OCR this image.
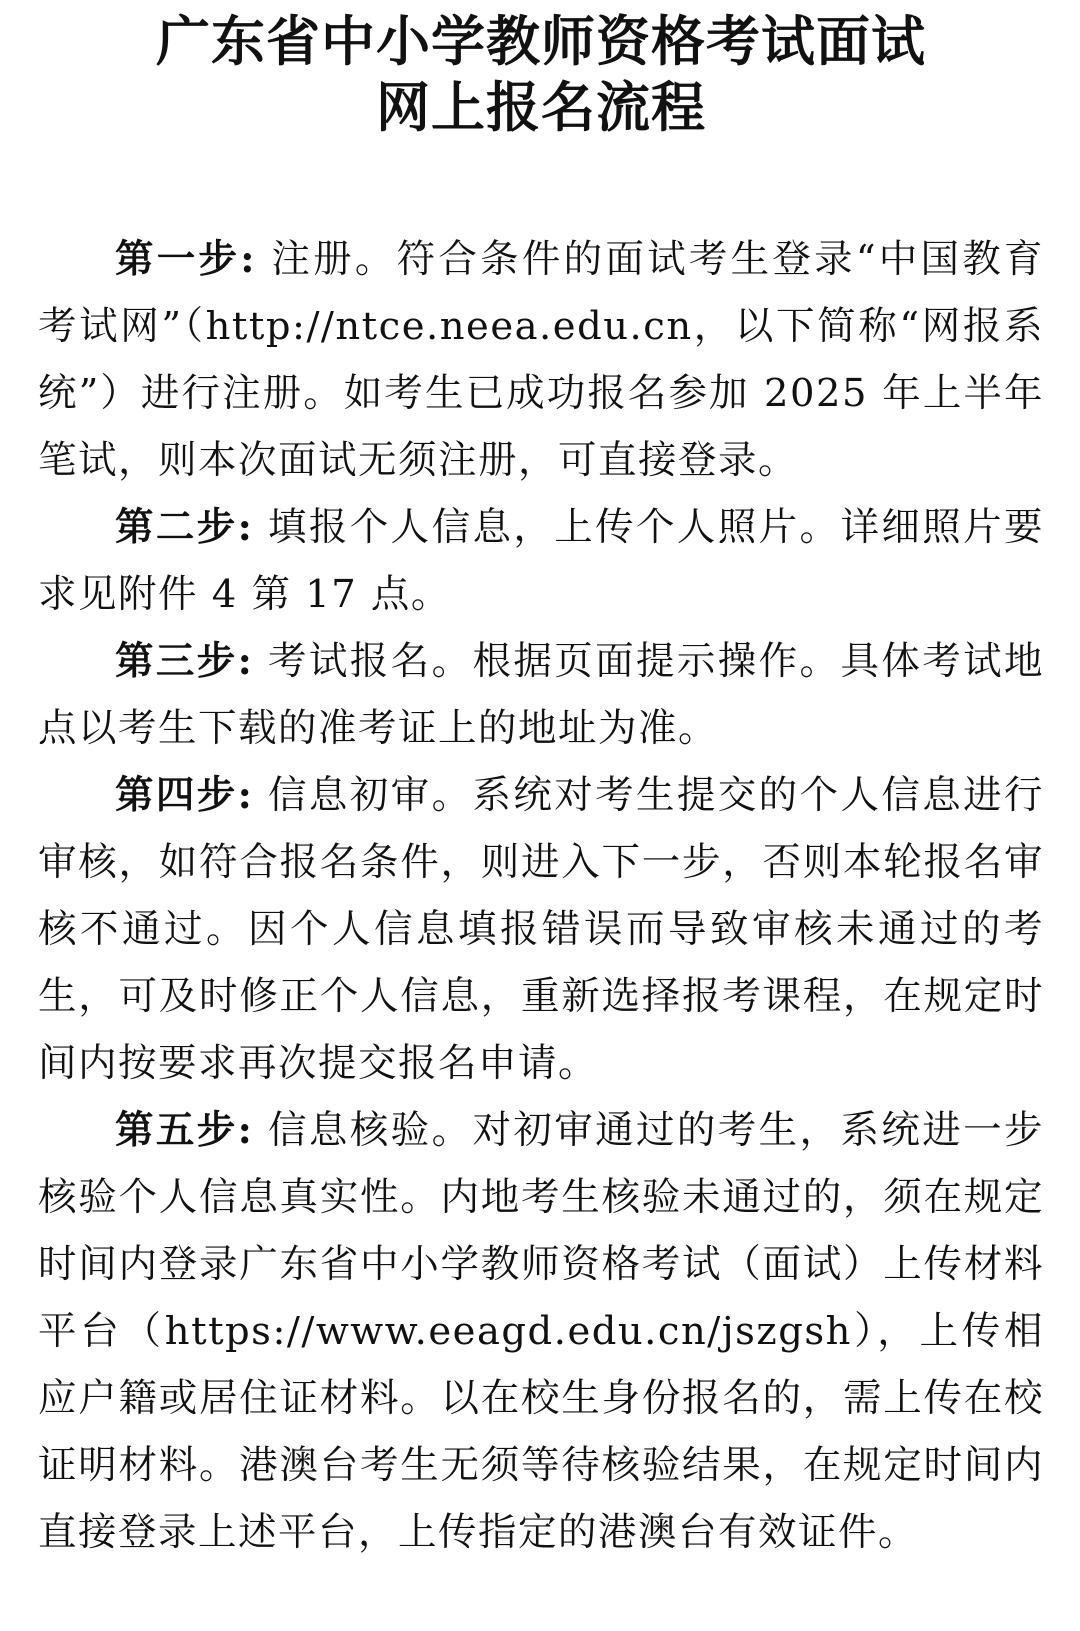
广东省中小学教师资格考试面试
网上报名流程

第一步: 注册。符合条件的面试考生登录“中国教育考试网”（http://ntce.neea.edu.cn，以下简称“网报系统”）进行注册。如考生已成功报名参加 2025 年上半年笔试，则本次面试无须注册，可直接登录。

第二步: 填报个人信息，上传个人照片。详细照片要求见附件 4 第 17 点。

第三步: 考试报名。根据页面提示操作。具体考试地点以考生下载的准考证上的地址为准。

第四步: 信息初审。系统对考生提交的个人信息进行审核，如符合报名条件，则进入下一步，否则本轮报名审核不通过。因个人信息填报错误而导致审核未通过的考生，可及时修正个人信息，重新选择报考课程，在规定时间内按要求再次提交报名申请。

第五步: 信息核验。对初审通过的考生，系统进一步核验个人信息真实性。内地考生核验未通过的，须在规定时间内登录广东省中小学教师资格考试（面试）上传材料平台（https://www.eeagd.edu.cn/jszgsh），上传相应户籍或居住证材料。以在校生身份报名的，需上传在校证明材料。港澳台考生无须等待核验结果，在规定时间内直接登录上述平台，上传指定的港澳台有效证件。
